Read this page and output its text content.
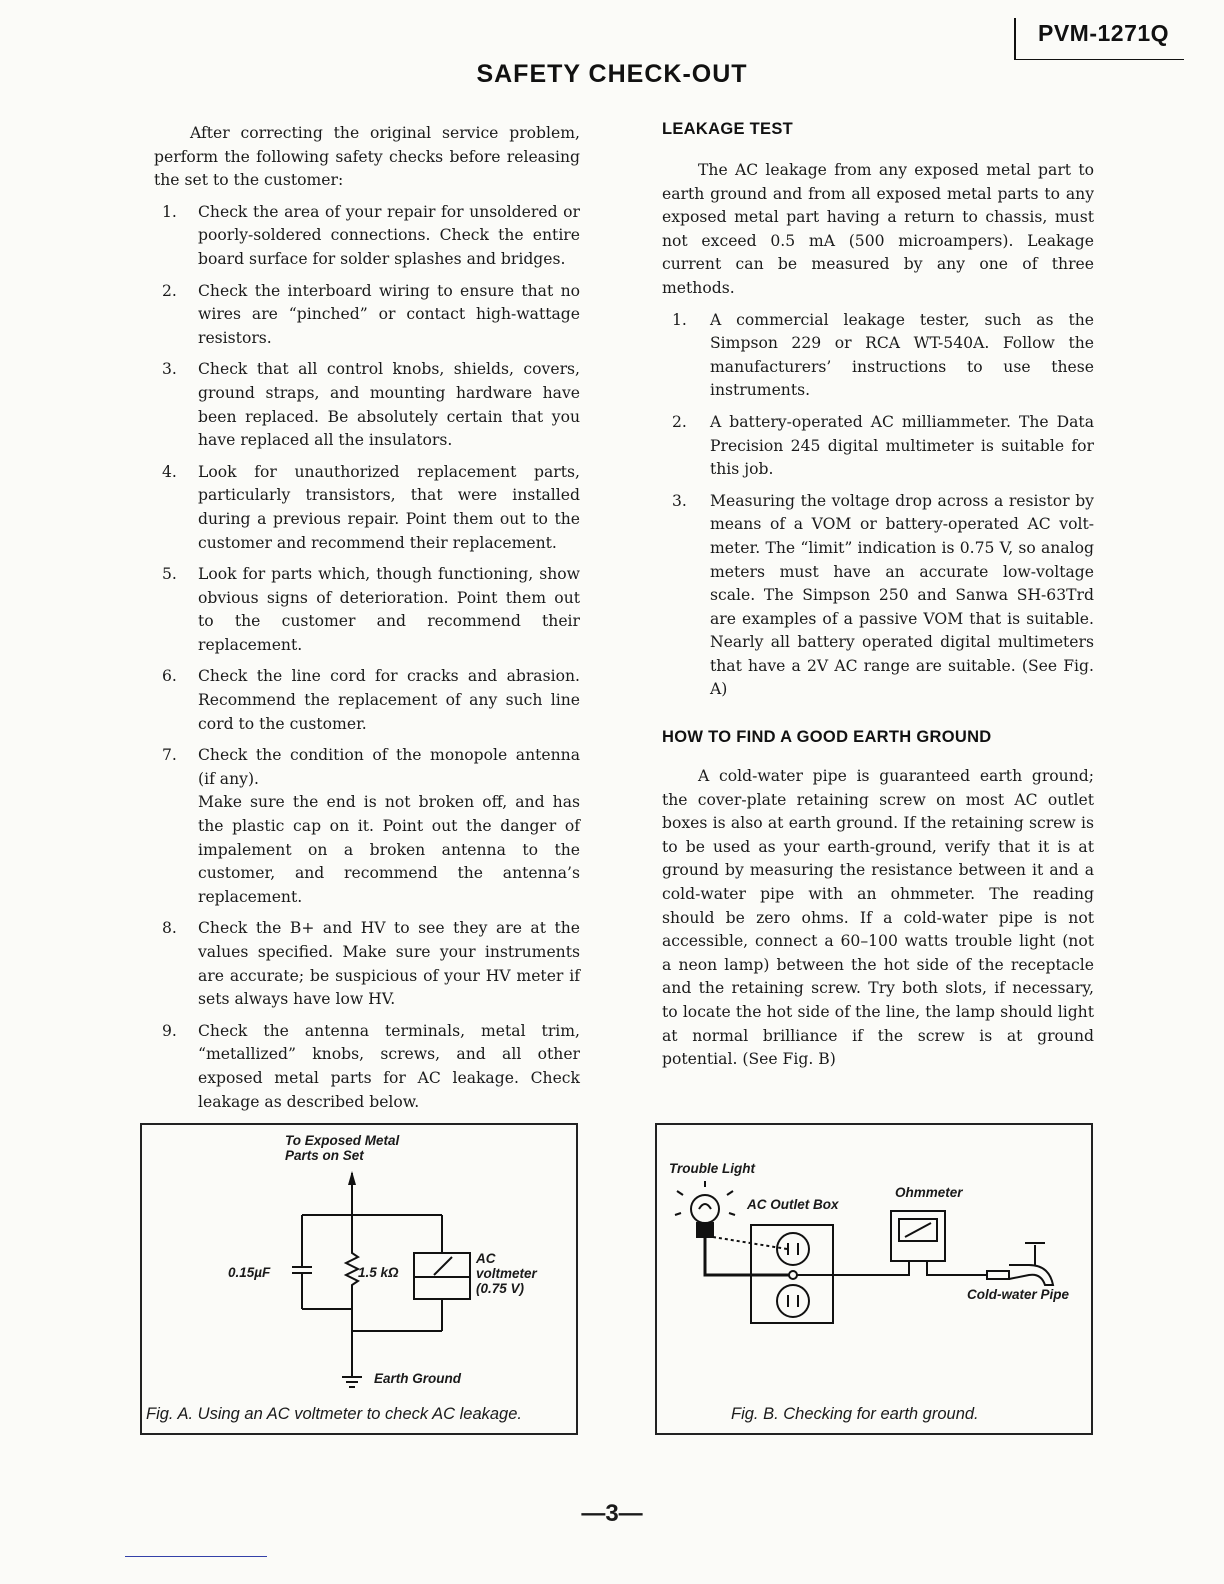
PVM-1271Q
SAFETY CHECK-OUT

After correcting the original service problem, perform the following safety checks before releasing the set to the customer:

1. Check the area of your repair for unsoldered or poorly-soldered connections. Check the entire board surface for solder splashes and bridges.

2. Check the interboard wiring to ensure that no wires are “pinched” or contact high-wattage resistors.

3. Check that all control knobs, shields, covers, ground straps, and mounting hardware have been replaced. Be absolutely certain that you have replaced all the insulators.

4. Look for unauthorized replacement parts, particularly transistors, that were installed during a previous repair. Point them out to the customer and recommend their replacement.

5. Look for parts which, though functioning, show obvious signs of deterioration. Point them out to the customer and recommend their replacement.

6. Check the line cord for cracks and abrasion. Recommend the replacement of any such line cord to the customer.

7. Check the condition of the monopole antenna (if any).

Make sure the end is not broken off, and has the plastic cap on it. Point out the danger of impalement on a broken antenna to the customer, and recommend the antenna’s replacement.

8. Check the B+ and HV to see they are at the values specified. Make sure your instruments are accurate; be suspicious of your HV meter if sets always have low HV.

9. Check the antenna terminals, metal trim, “metallized” knobs, screws, and all other exposed metal parts for AC leakage. Check leakage as described below.

LEAKAGE TEST

The AC leakage from any exposed metal part to earth ground and from all exposed metal parts to any exposed metal part having a return to chassis, must not exceed 0.5 mA (500 microampers). Leakage current can be measured by any one of three methods.

1. A commercial leakage tester, such as the Simpson 229 or RCA WT-540A. Follow the manufacturers’ instructions to use these instruments.

2. A battery-operated AC milliammeter. The Data Precision 245 digital multimeter is suitable for this job.

3. Measuring the voltage drop across a resistor by means of a VOM or battery-operated AC volt-meter. The “limit” indication is 0.75 V, so analog meters must have an accurate low-voltage scale. The Simpson 250 and Sanwa SH-63Trd are examples of a passive VOM that is suitable. Nearly all battery operated digital multimeters that have a 2V AC range are suitable. (See Fig. A)

HOW TO FIND A GOOD EARTH GROUND

A cold-water pipe is guaranteed earth ground; the cover-plate retaining screw on most AC outlet boxes is also at earth ground. If the retaining screw is to be used as your earth-ground, verify that it is at ground by measuring the resistance between it and a cold-water pipe with an ohmmeter. The reading should be zero ohms. If a cold-water pipe is not accessible, connect a 60–100 watts trouble light (not a neon lamp) between the hot side of the receptacle and the retaining screw. Try both slots, if necessary, to locate the hot side of the line, the lamp should light at normal brilliance if the screw is at ground potential. (See Fig. B)

To Exposed Metal Parts on Set
0.15µF	1.5 kΩ
AC voltmeter (0.75 V)
Earth Ground
Fig. A. Using an AC voltmeter to check AC leakage.
Trouble Light
AC Outlet Box
Ohmmeter
Cold-water Pipe
Fig. B. Checking for earth ground.
—3—
